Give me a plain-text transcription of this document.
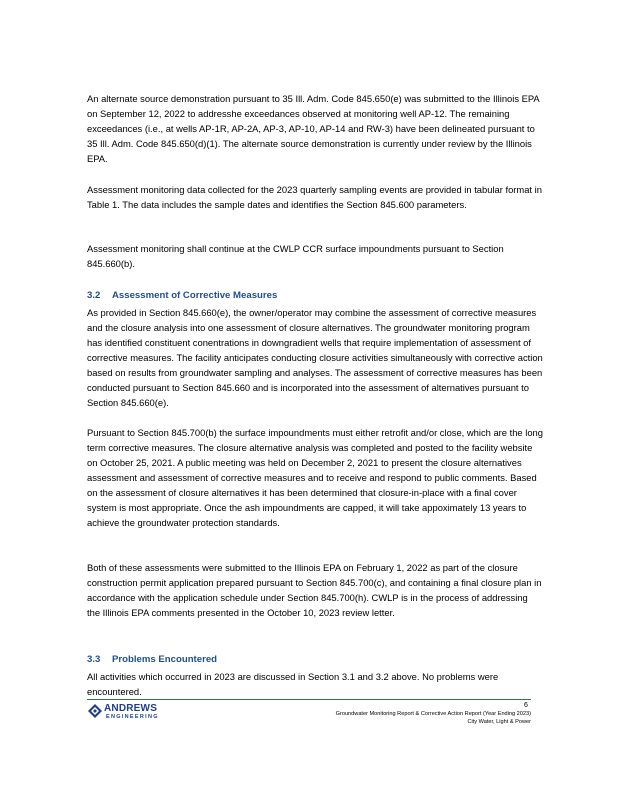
An alternate source demonstration pursuant to 35 Ill. Adm. Code 845.650(e) was submitted to the Illinois EPA on September 12, 2022 to addresshe exceedances observed at monitoring well AP-12. The remaining exceedances (i.e., at wells AP-1R, AP-2A, AP-3, AP-10, AP-14 and RW-3) have been delineated pursuant to 35 Ill. Adm. Code 845.650(d)(1). The alternate source demonstration is currently under review by the Illinois EPA.

Assessment monitoring data collected for the 2023 quarterly sampling events are provided in tabular format in Table 1. The data includes the sample dates and identifies the Section 845.600 parameters.

Assessment monitoring shall continue at the CWLP CCR surface impoundments pursuant to Section 845.660(b).

3.2 Assessment of Corrective Measures

As provided in Section 845.660(e), the owner/operator may combine the assessment of corrective measures and the closure analysis into one assessment of closure alternatives. The groundwater monitoring program has identified constituent conentrations in downgradient wells that require implementation of assessment of corrective measures. The facility anticipates conducting closure activities simultaneously with corrective action based on results from groundwater sampling and analyses. The assessment of corrective measures has been conducted pursuant to Section 845.660 and is incorporated into the assessment of alternatives pursuant to Section 845.660(e).

Pursuant to Section 845.700(b) the surface impoundments must either retrofit and/or close, which are the long term corrective measures. The closure alternative analysis was completed and posted to the facility website on October 25, 2021. A public meeting was held on December 2, 2021 to present the closure alternatives assessment and assessment of corrective measures and to receive and respond to public comments. Based on the assessment of closure alternatives it has been determined that closure-in-place with a final cover system is most appropriate. Once the ash impoundments are capped, it will take appoximately 13 years to achieve the groundwater protection standards.

Both of these assessments were submitted to the Illinois EPA on February 1, 2022 as part of the closure construction permit application prepared pursuant to Section 845.700(c), and containing a final closure plan in accordance with the application schedule under Section 845.700(h). CWLP is in the process of addressing the Illinois EPA comments presented in the October 10, 2023 review letter.

3.3 Problems Encountered

All activities which occurred in 2023 are discussed in Section 3.1 and 3.2 above. No problems were encountered.

ANDREWS
ENGINEERING
6
Groundwater Monitoring Report & Corrective Action Report (Year Ending 2023)
City Water, Light & Power
